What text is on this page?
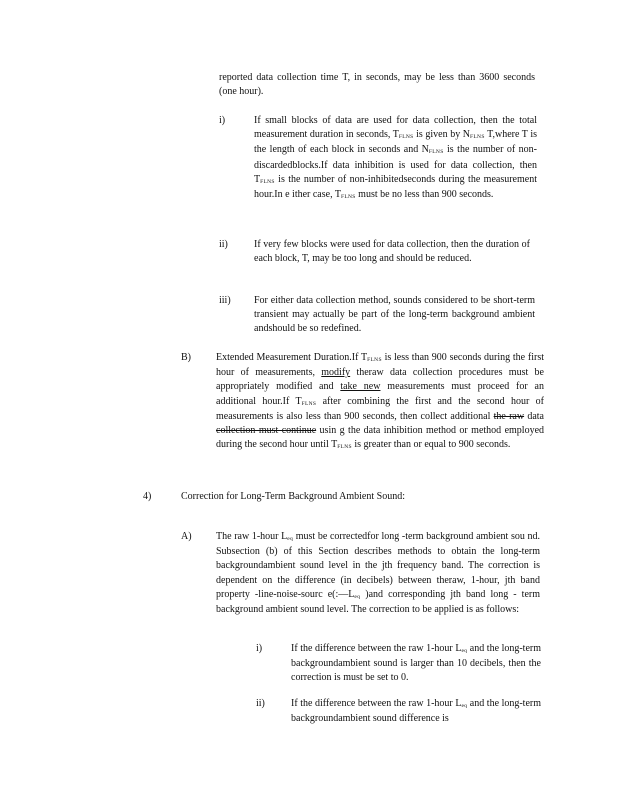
reported data collection time T, in seconds, may be less than 3600 seconds (one hour).
i)	If small blocks of data are used for data collection, then the total measurement duration in seconds, $T_{FLNS}$ is given by $N_{FLNS}$ T,where T is the length of each block in seconds and $N_{FLNS}$ is the number of non-discardedblocks.If data inhibition is used for data collection, then $T_{FLNS}$ is the number of non-inhibitedseconds during the measurement hour.In e ither case, $T_{FLNS}$ must be no less than 900 seconds.
ii)	If very few blocks were used for data collection, then the duration of each block, T, may be too long and should be reduced.
iii) For either data collection method, sounds considered to be short-term transient may actually be part of the long-term background ambient andshould be so redefined.
B)	Extended Measurement Duration.If $T_{FLNS}$ is less than 900 seconds during the first hour of measurements, modify theraw data collection procedures must be appropriately modified and take new measurements must proceed for an additional hour.If $T_{FLNS}$ after combining the first and the second hour of measurements is also less than 900 seconds, then collect additional the raw data collection must continue usin g the data inhibition method or method employed during the second hour until $T_{FLNS}$ is greater than or equal to 900 seconds.
4)	Correction for Long-Term Background Ambient Sound:
A) The raw 1-hour $L_{eq}$ must be correctedfor long -term background ambient sou nd. Subsection (b) of this Section describes methods to obtain the long-term backgroundambient sound level in the jth frequency band. The correction is dependent on the difference (in decibels) between theraw, 1-hour, jth band property -line-noise-sourc $e(:—L_{eq}$ )and corresponding jth band long - term background ambient sound level. The correction to be applied is as follows:
i)	If the difference between the raw 1-hour $L_{eq}$ and the long-term backgroundambient sound is larger than 10 decibels, then the correction is must be set to 0.
ii)	If the difference between the raw 1-hour $L_{eq}$ and the long-term backgroundambient sound difference is
